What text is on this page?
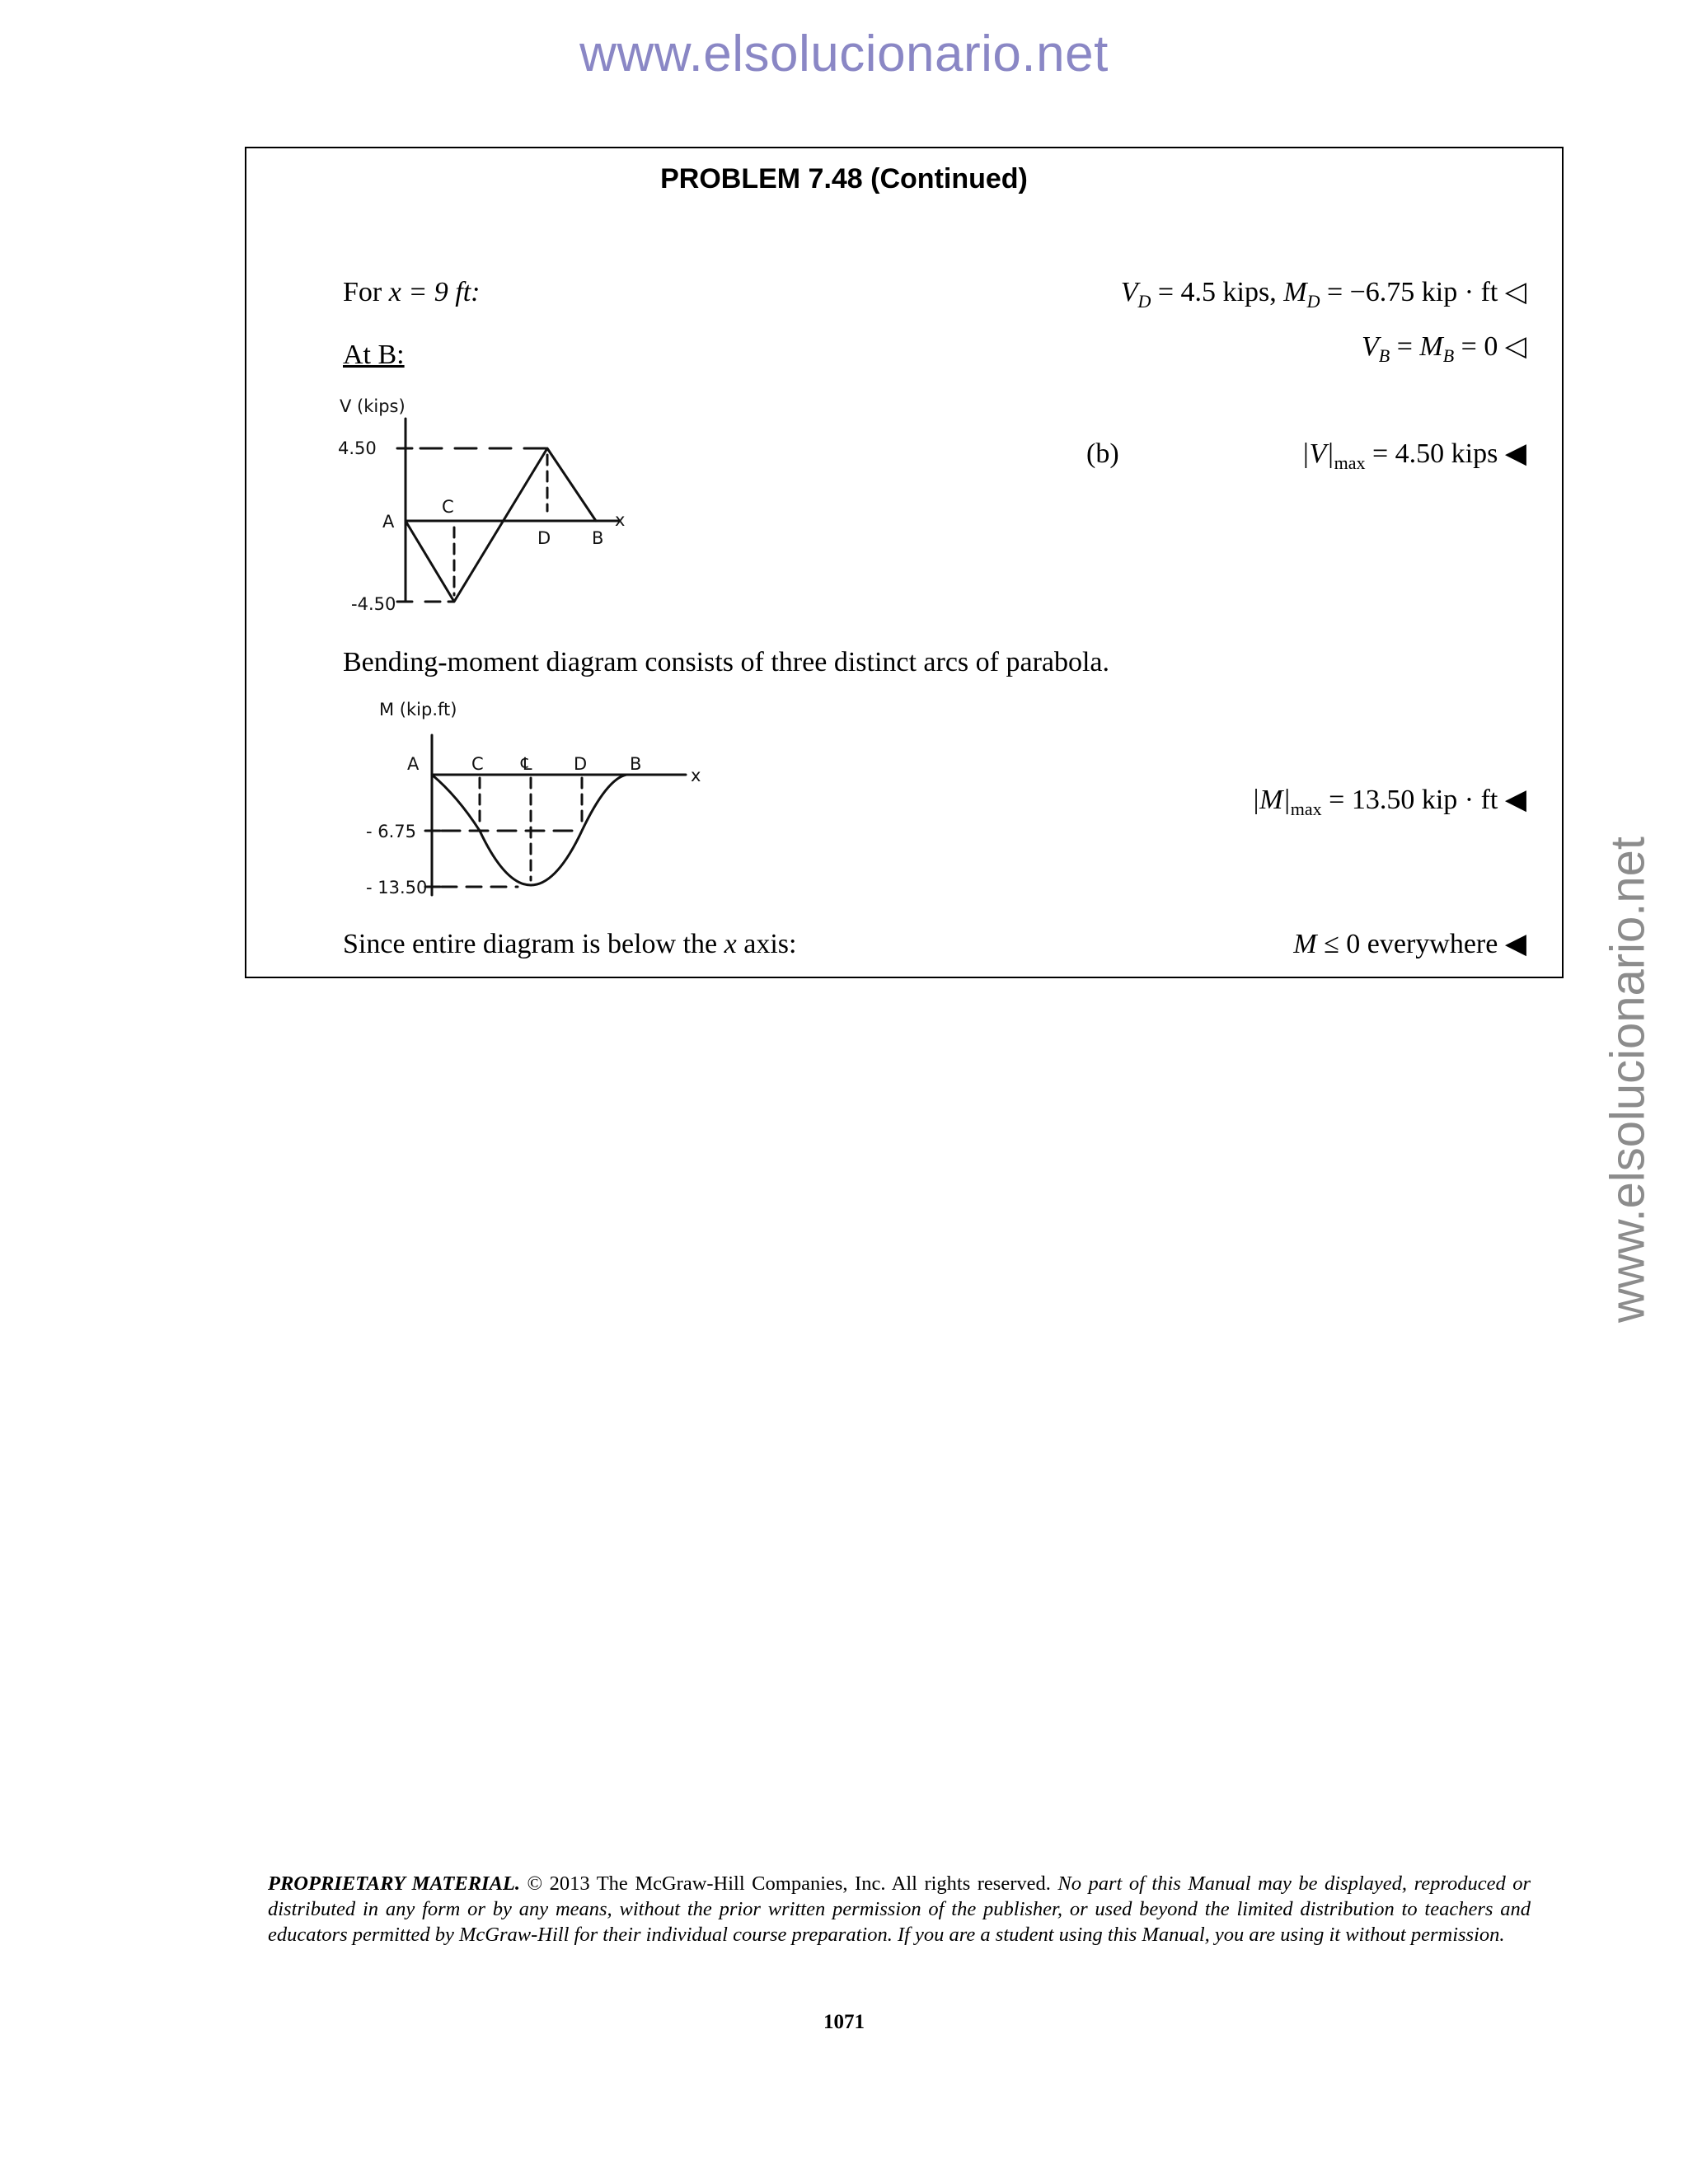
www.elsolucionario.net
www.elsolucionario.net
PROBLEM 7.48 (Continued)
For x = 9 ft:	$V_D = 4.5$ kips, $M_D = -6.75$ kip · ft ◁
At B:	$V_B = M_B = 0$ ◁
(b)	$|V|_{max} = 4.50$ kips ◀
V (kips)
4.50
-4.50
A
C
D B
x
Bending-moment diagram consists of three distinct arcs of parabola.
M (kip.ft)
A	C ℄ D B
x
- 6.75
- 13.50
$|M|_{max} = 13.50$ kip · ft ◀
Since entire diagram is below the x axis:	M ≤ 0 everywhere ◀
PROPRIETARY MATERIAL. © 2013 The McGraw-Hill Companies, Inc. All rights reserved. No part of this Manual may be displayed, reproduced or distributed in any form or by any means, without the prior written permission of the publisher, or used beyond the limited distribution to teachers and educators permitted by McGraw-Hill for their individual course preparation. If you are a student using this Manual, you are using it without permission.
1071
